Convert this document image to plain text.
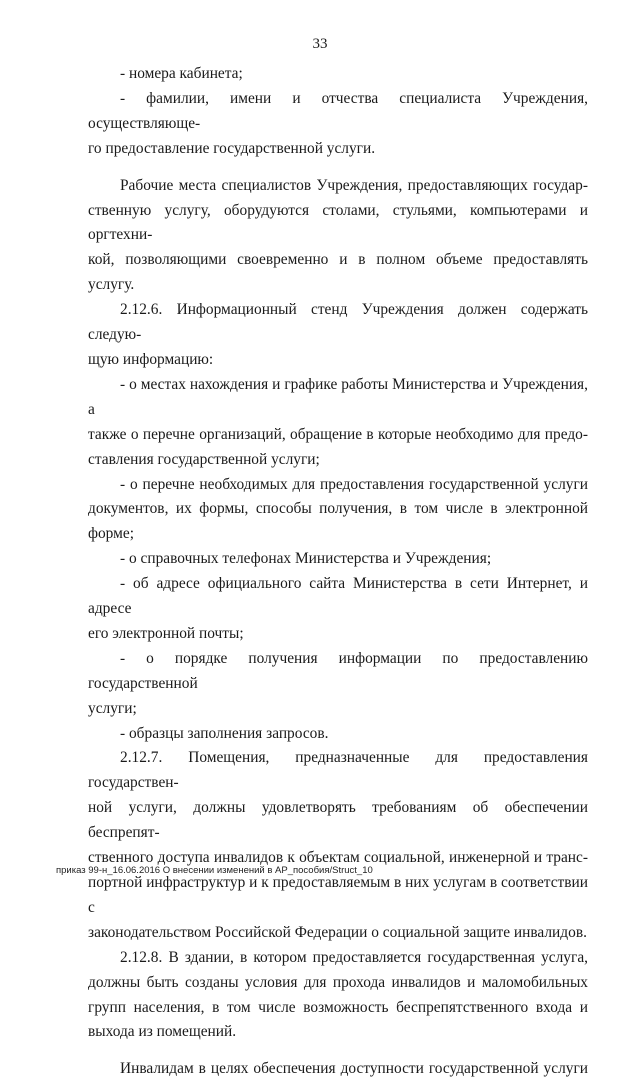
33

- номера кабинета;

- фамилии, имени и отчества специалиста Учреждения, осуществляюще-

го предоставление государственной услуги.

Рабочие места специалистов Учреждения, предоставляющих государ-

ственную услугу, оборудуются столами, стульями, компьютерами и оргтехни-

кой, позволяющими своевременно и в полном объеме предоставлять услугу.

2.12.6. Информационный стенд Учреждения должен содержать следую-

щую информацию:

- о местах нахождения и графике работы Министерства и Учреждения, а

также о перечне организаций, обращение в которые необходимо для предо-

ставления государственной услуги;

- о перечне необходимых для предоставления государственной услуги

документов, их формы, способы получения, в том числе в электронной форме;

- о справочных телефонах Министерства и Учреждения;

- об адресе официального сайта Министерства в сети Интернет, и адресе

его электронной почты;

- о порядке получения информации по предоставлению государственной

услуги;

- образцы заполнения запросов.

2.12.7. Помещения, предназначенные для предоставления государствен-

ной услуги, должны удовлетворять требованиям об обеспечении беспрепят-

ственного доступа инвалидов к объектам социальной, инженерной и транс-

портной инфраструктур и к предоставляемым в них услугам в соответствии с

законодательством Российской Федерации о социальной защите инвалидов.

2.12.8. В здании, в котором предоставляется государственная услуга,

должны быть созданы условия для прохода инвалидов и маломобильных

групп населения, в том числе возможность беспрепятственного входа и

выхода из помещений.

Инвалидам в целях обеспечения доступности государственной услуги

приказ 99-н_16.06.2016 О внесении изменений в АР_пособия/Struct_10
